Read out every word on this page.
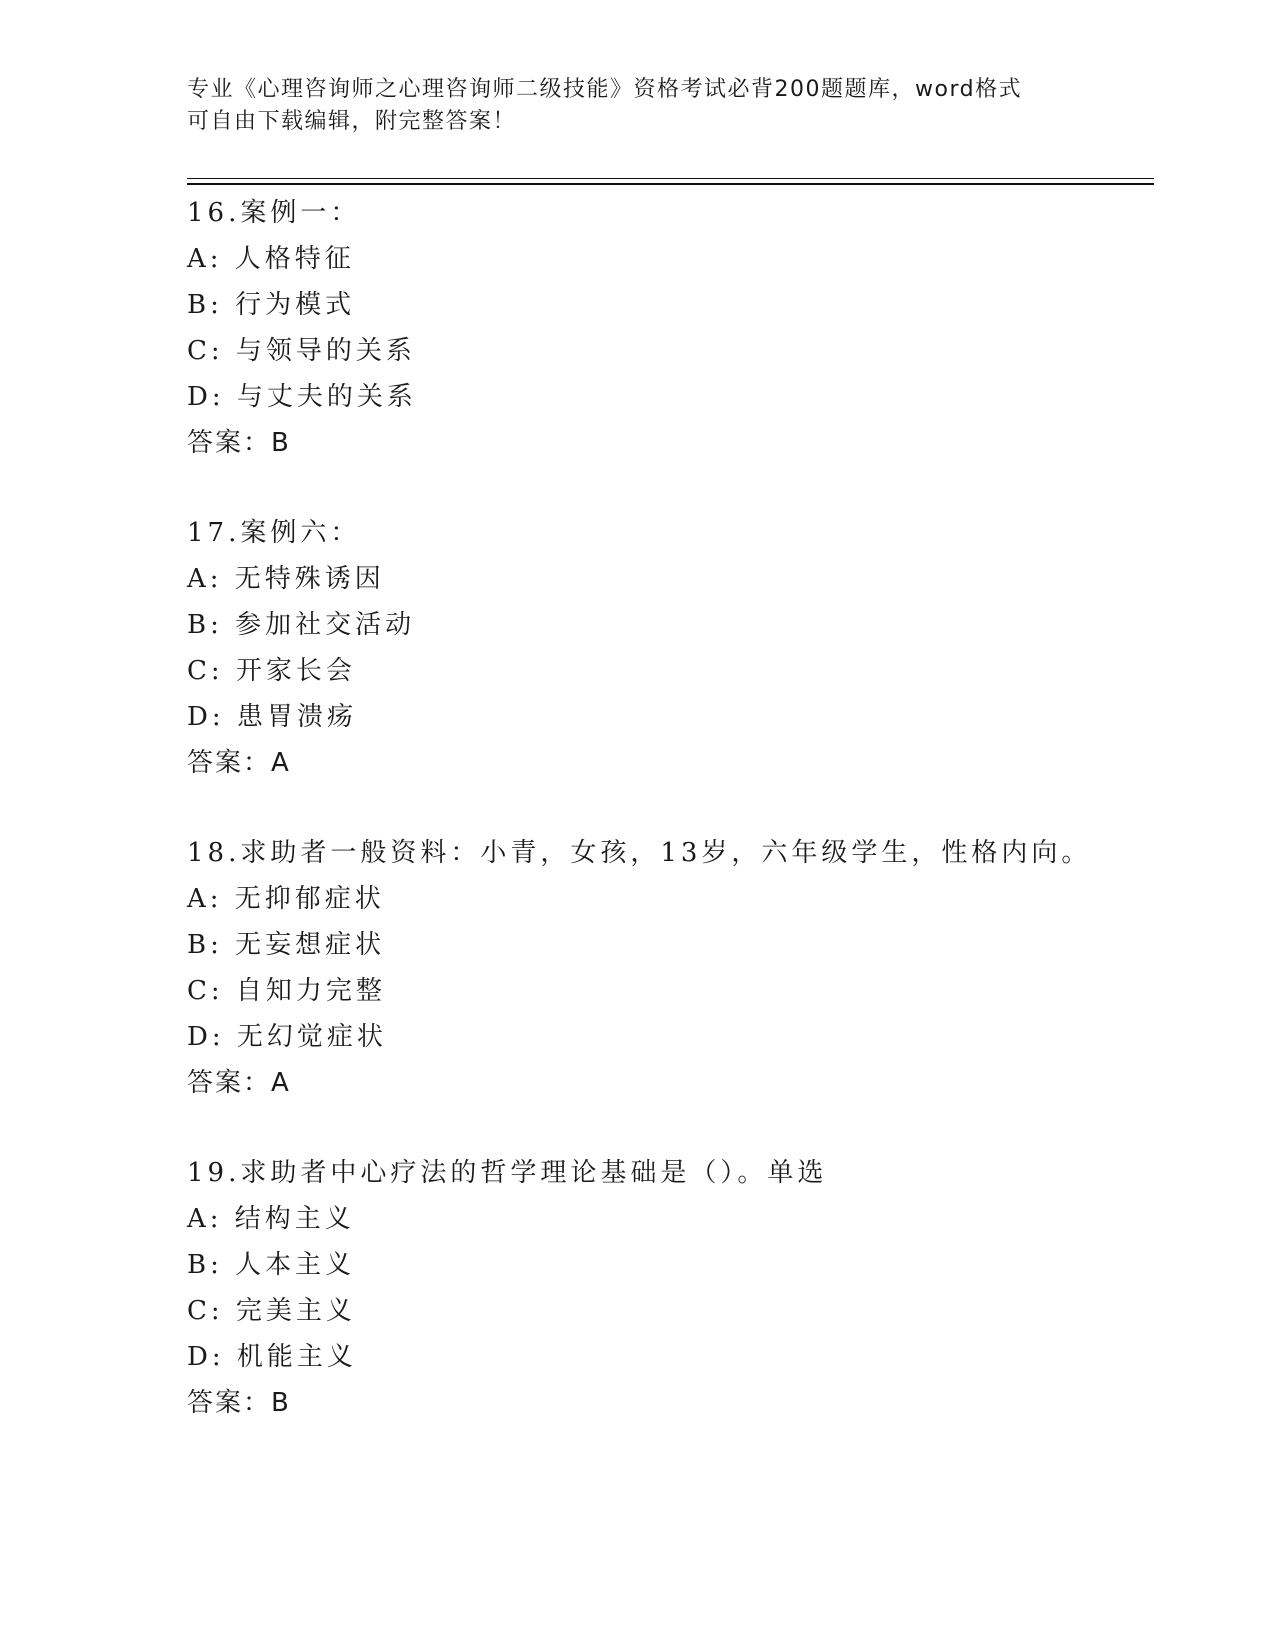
专业《心理咨询师之心理咨询师二级技能》资格考试必背200题题库，word格式
可自由下载编辑，附完整答案！
16.案例一：
A: 人格特征
B: 行为模式
C: 与领导的关系
D: 与丈夫的关系
答案：B
17.案例六：
A: 无特殊诱因
B: 参加社交活动
C: 开家长会
D: 患胃溃疡
答案：A
18.求助者一般资料：小青，女孩，13岁，六年级学生，性格内向。
A: 无抑郁症状
B: 无妄想症状
C: 自知力完整
D: 无幻觉症状
答案：A
19.求助者中心疗法的哲学理论基础是（）。单选
A: 结构主义
B: 人本主义
C: 完美主义
D: 机能主义
答案：B
